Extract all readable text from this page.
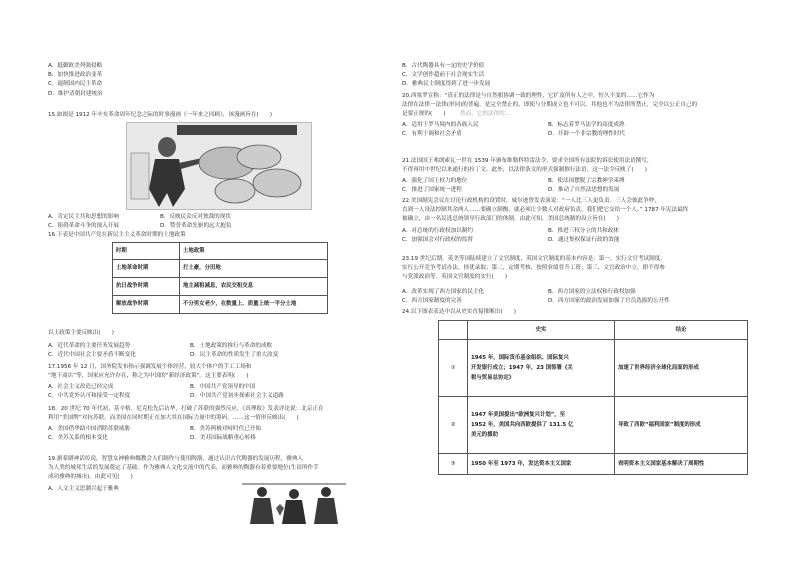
A．抵御欧美列强侵略
B．加快推进政治变革
C．遏制国内民主革命
D．维护清朝封建统治
15.如图是 1912 年辛亥革命周年纪念之际的时事漫画《一年来之回顾》，该漫画旨在(　　)
A．肯定民主共和思想的影响	B．反映民众反对独裁的现状
C．阻碍革命斗争的深入开展	D．赞誉革命先驱的远大抱负
16.下表是中国共产党在新民主主义革命时期的土地政策
时期	土地政策
土地革命时期	打土豪，分田地
抗日战争时期	地主减租减息，农民交租交息
解放战争时期	不分男女老少，在数量上、质量上统一平分土地
以上政策主要反映出(　　)
A．近代革命的主要任务发展趋势	B．土地政策的推行与革命的成败
C．近代中国社会主要矛盾不断变化	D．民主革命的性质发生了重大改变
17.1956 年 12 月，国务院发布指示强调发展个体经营，较大个体户的手工工场和
“地下商店”等，国家应允许存在，称之为中国的“新经济政策”。这主要表明(　　)
A．社会主义改造已经完成	B．中国共产党领导的中国
C．中共党外认可和接受一定程度	D．中国共产党初步探索社会主义道路
18．20 世纪 70 年代初，基辛格、尼克松先后访华，打破了苏联的强烈反应，《真理报》发表评论说：北京正在
利用“美国牌”对抗苏联，而美国在同时期正在加大其在国际力量中的筹码。……这一情形反映出(　　)
A．美国借华助中国消除苏联威胁	B．美苏两极对峙时代已开始
C．美苏关系的根本变化	D．美苏国际战略重心转移
19.据希腊神话传说，智慧女神雅典娜教会人们制作与使用陶器，通过认识古代陶器的发展历程，雅典人
为人类的城邦生活的发展奠定了基础。作为雅典人文化交流中的代表，而雅典的陶器有着重要地位(生田所作手
成功雅典的城市)。由此可见(　　)
A．人文主义思潮兴起于雅典
B．古代陶器具有一定的史学价值
C．文学创作超前于社会现实生活
D．雅典民主制度得到了进一步发展
20.西塞罗宣称：“真正的法律是与自然相协调一致的理性，它扩及所有人之中，恒久不变的……它作为
法律在法律一法律(形同)的普遍，是完全禁止的，即使与分期成立也不可以，其他也不为法律所禁止，完全以公正自己的
是要正规的(　　)	然而，它的法律的…
A．适用于罗马境内的各族人民	B．标志着罗马法学的高度成熟
C．有利于调和社会矛盾	D．开辟一个非宗教的理性时代
21.法国国王弗朗索瓦一世在 1539 年颁布维勒科特雷法令，要求全国所有法院的诉讼使用法语撰写，
不得再用中世纪以来通行的拉丁文。此外，以法律条文的形式强制推行法语，这一法令反映了(　　)
A．强化了国王权力的地位	B．使法国摆脱了宗教神学束缚
C．推进了国家统一进程	D．推动了自然法思想的发展
22.美国制宪会议在讨论行政机构的设置时，威尔逊曾发表演说：“一人比三人更负责。三人会彼此争吵，
直到一人设法控制其余两人……要确立制衡，就必须让少数人对政府负责，我们把它交给一个人。” 1787 年宪法最终
被确立，由一名民选总统领导行政部门的体制。由此可知，美国总统制的设立旨在(　　)
A．对总统的行政权加以制约	B．推进三权分立的共和政体
C．加强国会对行政权的监督	D．通过集权保证行政的效能
23.19 世纪后期，英美等国陆续建立了文官制度，英国文官制度的基本内容是：第一，实行文官考试制度，
实行公开竞争考试办法，择优录取；第二，定期考核、按照业绩晋升工资；第三，文官政治中立，即不得参
与党派政治等。英国文官制度的实行(　　)
A．改革实现了西方国家的民主化	B．西方国家的立法权和行政权加强
C．西方国家制度的完善	D．西方国家的政治发展加强了官员选拔的公开性
24.以下图表表达中以从史实直接推断出(　　)
	史实	结论
①	1945 年，国际货币基金组织、国际复兴
开发银行成立；1947 年，23 国签署《关
税与贸易总协定》	加速了世界经济全球化局面的形成
②	1947 年美国提出“欧洲复兴计划”，至
1952 年，美国共向西欧提供了 131.5 亿
美元的援助	导致了西欧“福利国家”制度的形成
③	1950 年至 1973 年，发达资本主义国家	表明资本主义国家基本解决了周期性
